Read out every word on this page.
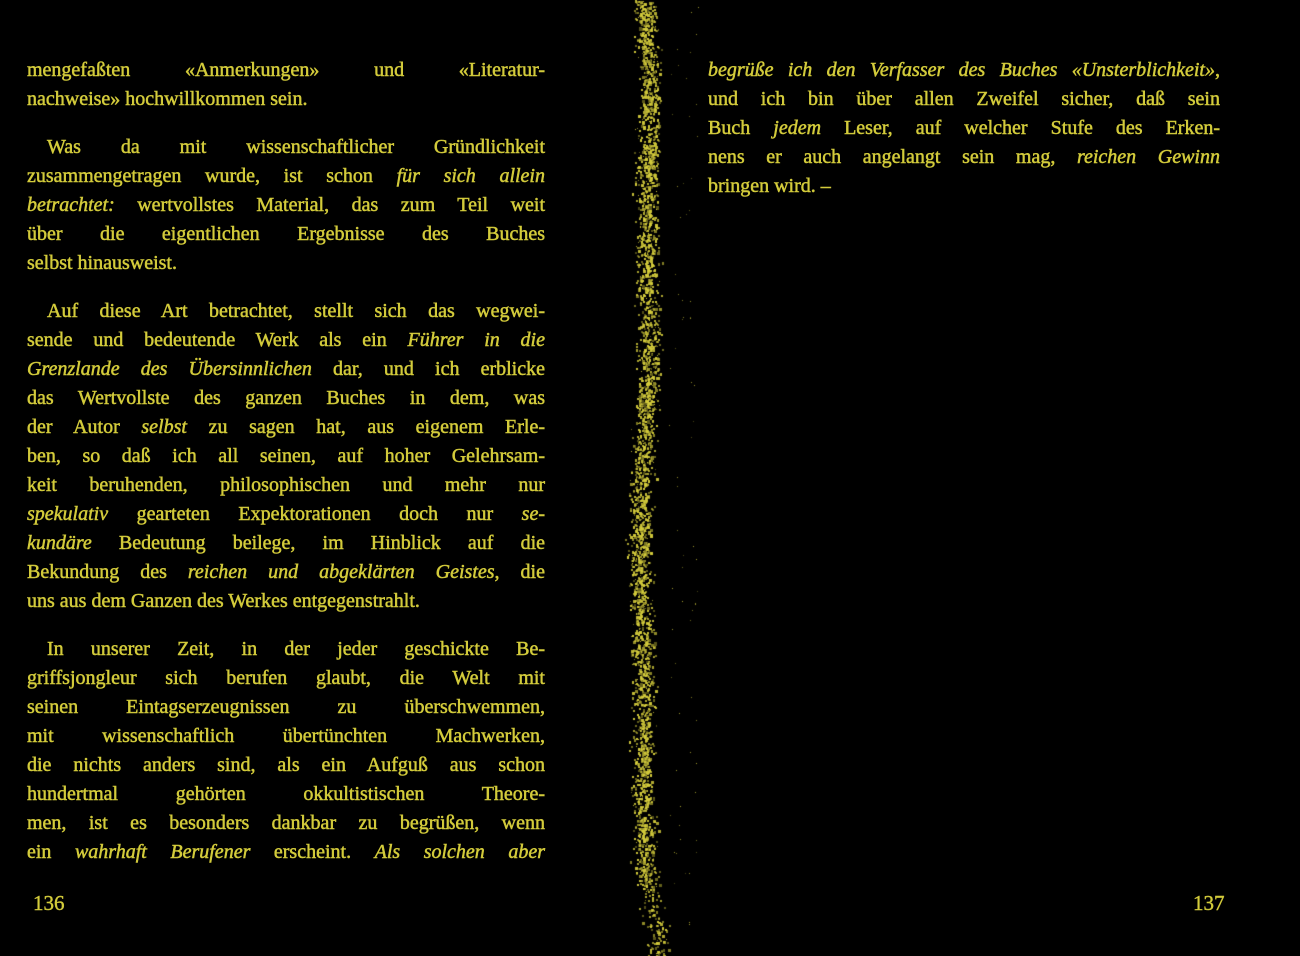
mengefaßten «Anmerkungen» und «Literatur-
nachweise» hochwillkommen sein.
Was da mit wissenschaftlicher Gründlichkeit
zusammengetragen wurde, ist schon für sich allein
betrachtet: wertvollstes Material, das zum Teil weit
über die eigentlichen Ergebnisse des Buches
selbst hinausweist.
Auf diese Art betrachtet, stellt sich das wegwei-
sende und bedeutende Werk als ein Führer in die
Grenzlande des Übersinnlichen dar, und ich erblicke
das Wertvollste des ganzen Buches in dem, was
der Autor selbst zu sagen hat, aus eigenem Erle-
ben, so daß ich all seinen, auf hoher Gelehrsam-
keit beruhenden, philosophischen und mehr nur
spekulativ gearteten Expektorationen doch nur se-
kundäre Bedeutung beilege, im Hinblick auf die
Bekundung des reichen und abgeklärten Geistes, die
uns aus dem Ganzen des Werkes entgegenstrahlt.
In unserer Zeit, in der jeder geschickte Be-
griffsjongleur sich berufen glaubt, die Welt mit
seinen Eintagserzeugnissen zu überschwemmen,
mit wissenschaftlich übertünchten Machwerken,
die nichts anders sind, als ein Aufguß aus schon
hundertmal gehörten okkultistischen Theore-
men, ist es besonders dankbar zu begrüßen, wenn
ein wahrhaft Berufener erscheint. Als solchen aber
begrüße ich den Verfasser des Buches «Unsterblichkeit»,
und ich bin über allen Zweifel sicher, daß sein
Buch jedem Leser, auf welcher Stufe des Erken-
nens er auch angelangt sein mag, reichen Gewinn
bringen wird. –
136	137
